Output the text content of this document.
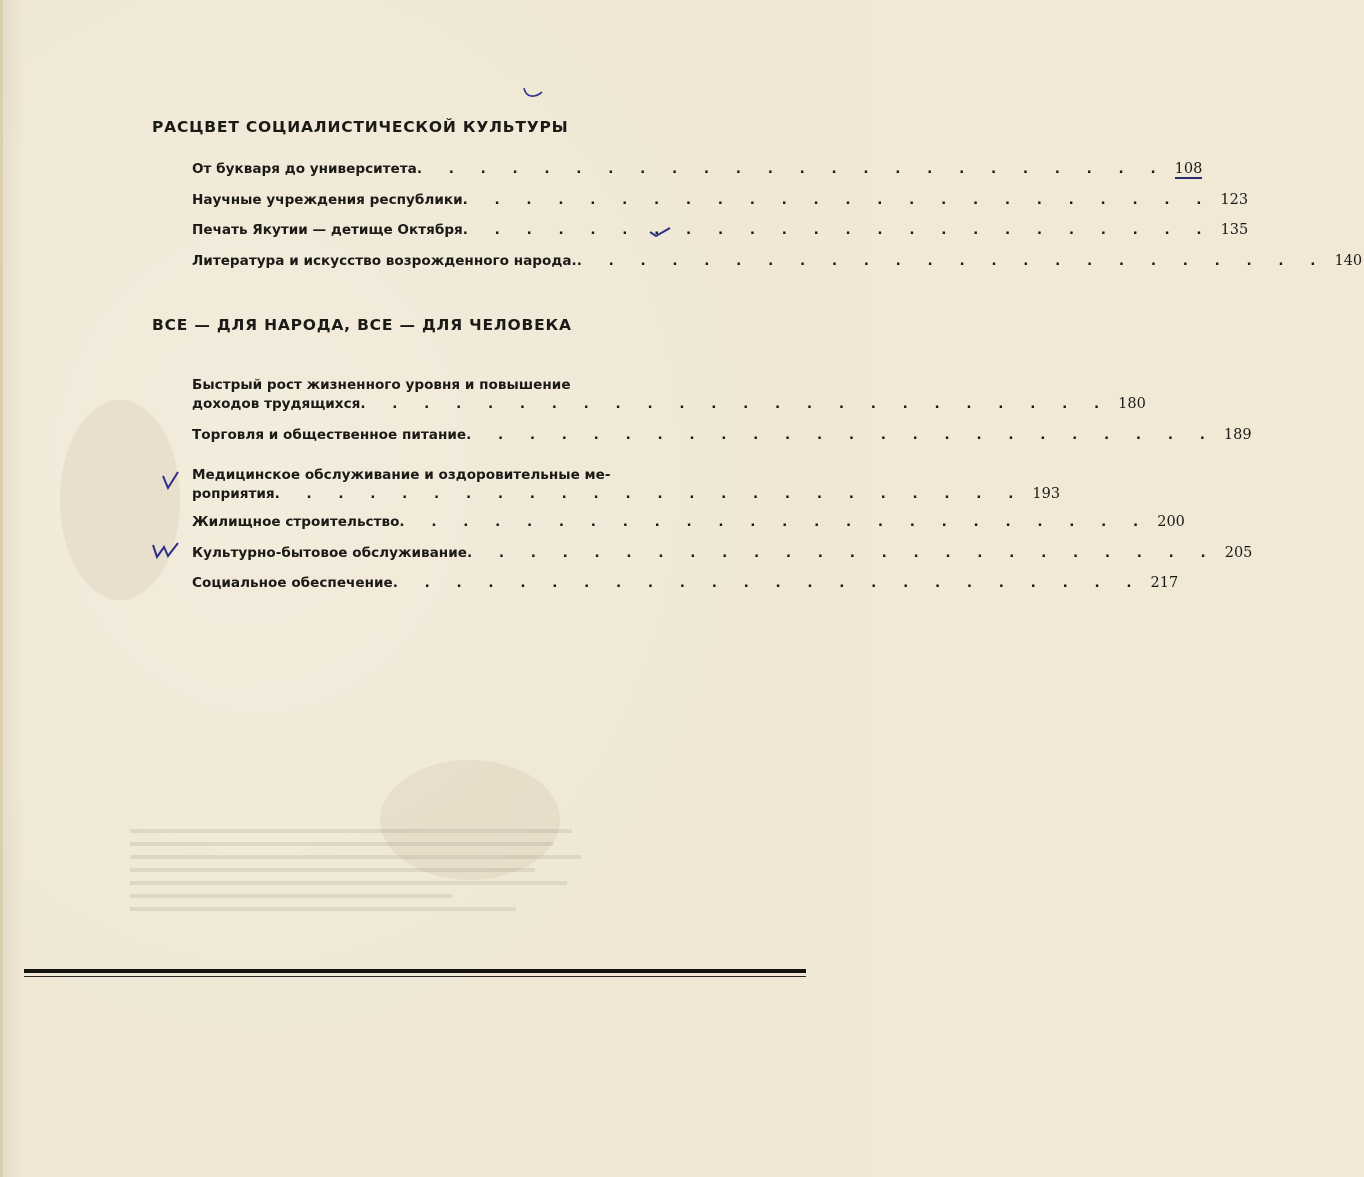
РАСЦВЕТ СОЦИАЛИСТИЧЕСКОЙ КУЛЬТУРЫ
От букваря до университета . . . . . . . . . . . . . . . . . . . . . . . . 108
Научные учреждения республики . . . . . . . . . . . . . . . . . . . . . . . . 123
Печать Якутии — детище Октября . . . . . . . . . . . . . . . . . . . . . . . . 135
Литература и искусство возрожденного народа. . . . . . . . . . . . . . . . . . . . . . . . . 140
ВСЕ — ДЛЯ НАРОДА, ВСЕ — ДЛЯ ЧЕЛОВЕКА
Быстрый рост жизненного уровня и повышение
доходов трудящихся . . . . . . . . . . . . . . . . . . . . . . . . 180
Торговля и общественное питание . . . . . . . . . . . . . . . . . . . . . . . . 189
Медицинское обслуживание и оздоровительные ме-
роприятия . . . . . . . . . . . . . . . . . . . . . . . . 193
Жилищное строительство . . . . . . . . . . . . . . . . . . . . . . . . 200
Культурно-бытовое обслуживание . . . . . . . . . . . . . . . . . . . . . . . . 205
Социальное обеспечение . . . . . . . . . . . . . . . . . . . . . . . . 217
